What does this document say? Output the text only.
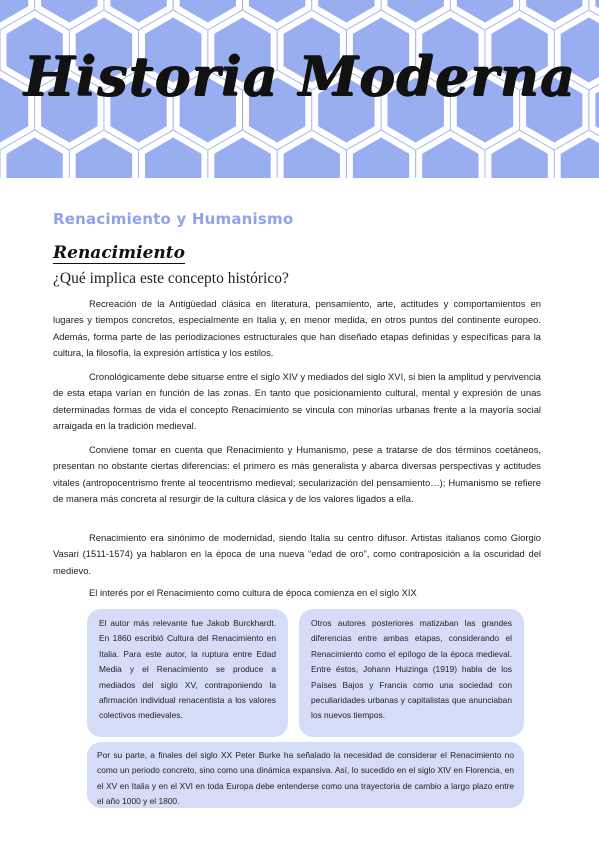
Historia Moderna
Renacimiento y Humanismo
Renacimiento

¿Qué implica este concepto histórico?

Recreación de la Antigüedad clásica en literatura, pensamiento, arte, actitudes y comportamientos en lugares y tiempos concretos, especialmente en Italia y, en menor medida, en otros puntos del continente europeo. Además, forma parte de las periodizaciones estructurales que han diseñado etapas definidas y específicas para la cultura, la filosofía, la expresión artística y los estilos.

Cronológicamente debe situarse entre el siglo XIV y mediados del siglo XVI, si bien la amplitud y pervivencia de esta etapa varían en función de las zonas. En tanto que posicionamiento cultural, mental y expresión de unas determinadas formas de vida el concepto Renacimiento se vincula con minorías urbanas frente a la mayoría social arraigada en la tradición medieval.

Conviene tomar en cuenta que Renacimiento y Humanismo, pese a tratarse de dos términos coetáneos, presentan no obstante ciertas diferencias: el primero es más generalista y abarca diversas perspectivas y actitudes vitales (antropocentrismo frente al teocentrismo medieval; secularización del pensamiento…); Humanismo se refiere de manera más concreta al resurgir de la cultura clásica y de los valores ligados a ella.

Renacimiento era sinónimo de modernidad, siendo Italia su centro difusor. Artistas italianos como Giorgio Vasari (1511-1574) ya hablaron en la época de una nueva “edad de oro”, como contraposición a la oscuridad del medievo.

El interés por el Renacimiento como cultura de época comienza en el siglo XIX

El autor más relevante fue Jakob Burckhardt. En 1860 escribió Cultura del Renacimiento en Italia. Para este autor, la ruptura entre Edad Media y el Renacimiento se produce a mediados del siglo XV, contraponiendo la afirmación individual renacentista a los valores colectivos medievales.

Otros autores posteriores matizaban las grandes diferencias entre ambas etapas, considerando el Renacimiento como el epílogo de la época medieval. Entre éstos, Johann Huizinga (1919) habla de los Países Bajos y Francia como una sociedad con peculiaridades urbanas y capitalistas que anunciaban los nuevos tiempos.

Por su parte, a finales del siglo XX Peter Burke ha señalado la necesidad de considerar el Renacimiento no como un periodo concreto, sino como una dinámica expansiva. Así, lo sucedido en el siglo XIV en Florencia, en el XV en Italia y en el XVI en toda Europa debe entenderse como una trayectoria de cambio a largo plazo entre el año 1000 y el 1800.
